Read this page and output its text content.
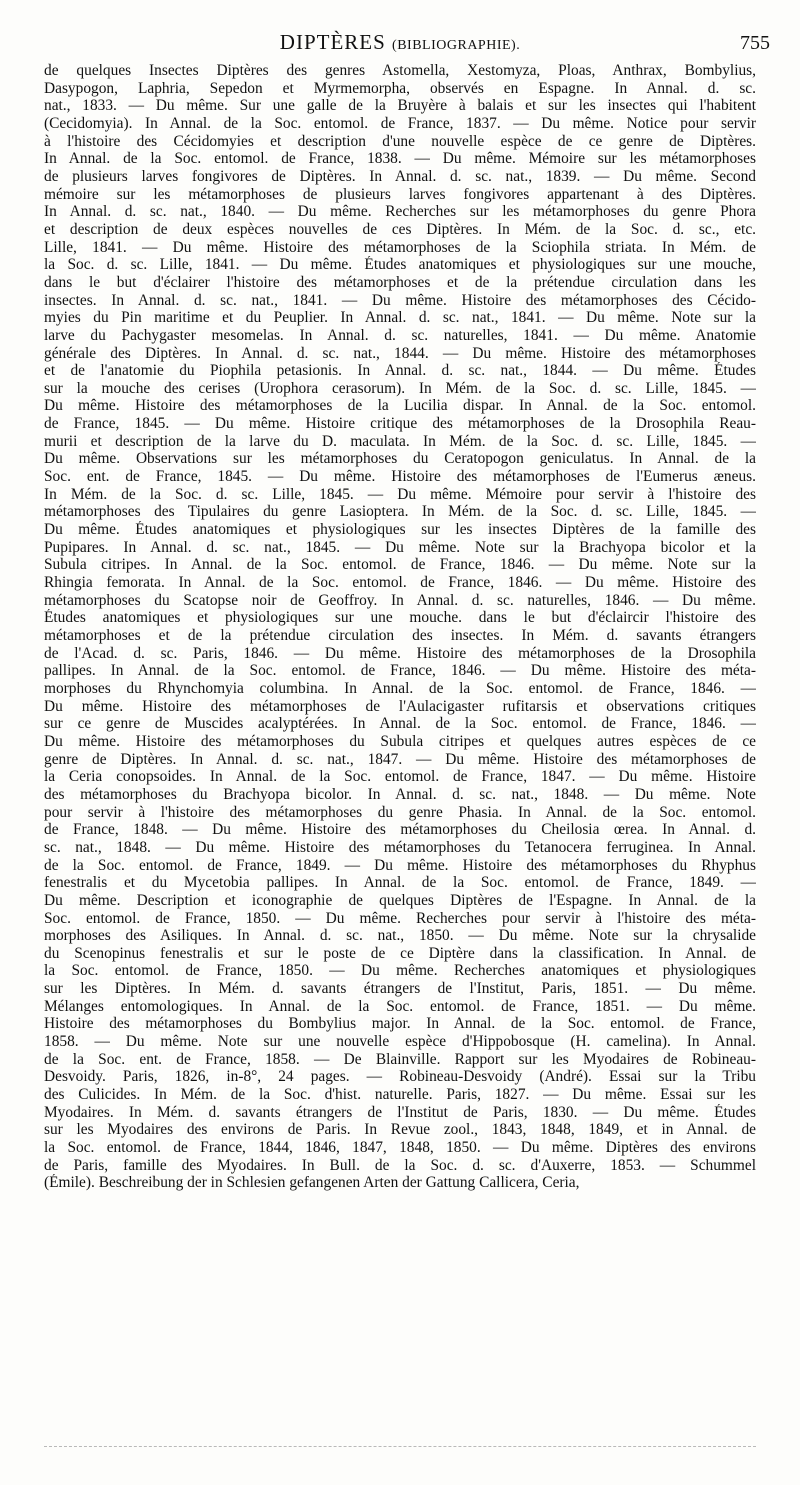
DIPTÈRES (BIBLIOGRAPHIE).	755

de quelques Insectes Diptères des genres Astomella, Xestomyza, Ploas, Anthrax, Bombylius,
Dasypogon, Laphria, Sepedon et Myrmemorpha, observés en Espagne. In Annal. d. sc.
nat., 1833. — Du même. Sur une galle de la Bruyère à balais et sur les insectes qui l'habitent
(Cecidomyia). In Annal. de la Soc. entomol. de France, 1837. — Du même. Notice pour servir
à l'histoire des Cécidomyies et description d'une nouvelle espèce de ce genre de Diptères.
In Annal. de la Soc. entomol. de France, 1838. — Du même. Mémoire sur les métamorphoses
de plusieurs larves fongivores de Diptères. In Annal. d. sc. nat., 1839. — Du même. Second
mémoire sur les métamorphoses de plusieurs larves fongivores appartenant à des Diptères.
In Annal. d. sc. nat., 1840. — Du même. Recherches sur les métamorphoses du genre Phora
et description de deux espèces nouvelles de ces Diptères. In Mém. de la Soc. d. sc., etc.
Lille, 1841. — Du même. Histoire des métamorphoses de la Sciophila striata. In Mém. de
la Soc. d. sc. Lille, 1841. — Du même. Études anatomiques et physiologiques sur une mouche,
dans le but d'éclairer l'histoire des métamorphoses et de la prétendue circulation dans les
insectes. In Annal. d. sc. nat., 1841. — Du même. Histoire des métamorphoses des Cécido-
myies du Pin maritime et du Peuplier. In Annal. d. sc. nat., 1841. — Du même. Note sur la
larve du Pachygaster mesomelas. In Annal. d. sc. naturelles, 1841. — Du même. Anatomie
générale des Diptères. In Annal. d. sc. nat., 1844. — Du même. Histoire des métamorphoses
et de l'anatomie du Piophila petasionis. In Annal. d. sc. nat., 1844. — Du même. Études
sur la mouche des cerises (Urophora cerasorum). In Mém. de la Soc. d. sc. Lille, 1845. —
Du même. Histoire des métamorphoses de la Lucilia dispar. In Annal. de la Soc. entomol.
de France, 1845. — Du même. Histoire critique des métamorphoses de la Drosophila Reau-
murii et description de la larve du D. maculata. In Mém. de la Soc. d. sc. Lille, 1845. —
Du même. Observations sur les métamorphoses du Ceratopogon geniculatus. In Annal. de la
Soc. ent. de France, 1845. — Du même. Histoire des métamorphoses de l'Eumerus æneus.
In Mém. de la Soc. d. sc. Lille, 1845. — Du même. Mémoire pour servir à l'histoire des
métamorphoses des Tipulaires du genre Lasioptera. In Mém. de la Soc. d. sc. Lille, 1845. —
Du même. Études anatomiques et physiologiques sur les insectes Diptères de la famille des
Pupipares. In Annal. d. sc. nat., 1845. — Du même. Note sur la Brachyopa bicolor et la
Subula citripes. In Annal. de la Soc. entomol. de France, 1846. — Du même. Note sur la
Rhingia femorata. In Annal. de la Soc. entomol. de France, 1846. — Du même. Histoire des
métamorphoses du Scatopse noir de Geoffroy. In Annal. d. sc. naturelles, 1846. — Du même.
Études anatomiques et physiologiques sur une mouche. dans le but d'éclaircir l'histoire des
métamorphoses et de la prétendue circulation des insectes. In Mém. d. savants étrangers
de l'Acad. d. sc. Paris, 1846. — Du même. Histoire des métamorphoses de la Drosophila
pallipes. In Annal. de la Soc. entomol. de France, 1846. — Du même. Histoire des méta-
morphoses du Rhynchomyia columbina. In Annal. de la Soc. entomol. de France, 1846. —
Du même. Histoire des métamorphoses de l'Aulacigaster rufitarsis et observations critiques
sur ce genre de Muscides acalyptérées. In Annal. de la Soc. entomol. de France, 1846. —
Du même. Histoire des métamorphoses du Subula citripes et quelques autres espèces de ce
genre de Diptères. In Annal. d. sc. nat., 1847. — Du même. Histoire des métamorphoses de
la Ceria conopsoides. In Annal. de la Soc. entomol. de France, 1847. — Du même. Histoire
des métamorphoses du Brachyopa bicolor. In Annal. d. sc. nat., 1848. — Du même. Note
pour servir à l'histoire des métamorphoses du genre Phasia. In Annal. de la Soc. entomol.
de France, 1848. — Du même. Histoire des métamorphoses du Cheilosia œrea. In Annal. d.
sc. nat., 1848. — Du même. Histoire des métamorphoses du Tetanocera ferruginea. In Annal.
de la Soc. entomol. de France, 1849. — Du même. Histoire des métamorphoses du Rhyphus
fenestralis et du Mycetobia pallipes. In Annal. de la Soc. entomol. de France, 1849. —
Du même. Description et iconographie de quelques Diptères de l'Espagne. In Annal. de la
Soc. entomol. de France, 1850. — Du même. Recherches pour servir à l'histoire des méta-
morphoses des Asiliques. In Annal. d. sc. nat., 1850. — Du même. Note sur la chrysalide
du Scenopinus fenestralis et sur le poste de ce Diptère dans la classification. In Annal. de
la Soc. entomol. de France, 1850. — Du même. Recherches anatomiques et physiologiques
sur les Diptères. In Mém. d. savants étrangers de l'Institut, Paris, 1851. — Du même.
Mélanges entomologiques. In Annal. de la Soc. entomol. de France, 1851. — Du même.
Histoire des métamorphoses du Bombylius major. In Annal. de la Soc. entomol. de France,
1858. — Du même. Note sur une nouvelle espèce d'Hippobosque (H. camelina). In Annal.
de la Soc. ent. de France, 1858. — De Blainville. Rapport sur les Myodaires de Robineau-
Desvoidy. Paris, 1826, in-8°, 24 pages. — Robineau-Desvoidy (André). Essai sur la Tribu
des Culicides. In Mém. de la Soc. d'hist. naturelle. Paris, 1827. — Du même. Essai sur les
Myodaires. In Mém. d. savants étrangers de l'Institut de Paris, 1830. — Du même. Études
sur les Myodaires des environs de Paris. In Revue zool., 1843, 1848, 1849, et in Annal. de
la Soc. entomol. de France, 1844, 1846, 1847, 1848, 1850. — Du même. Diptères des environs
de Paris, famille des Myodaires. In Bull. de la Soc. d. sc. d'Auxerre, 1853. — Schummel
(Émile). Beschreibung der in Schlesien gefangenen Arten der Gattung Callicera, Ceria,
